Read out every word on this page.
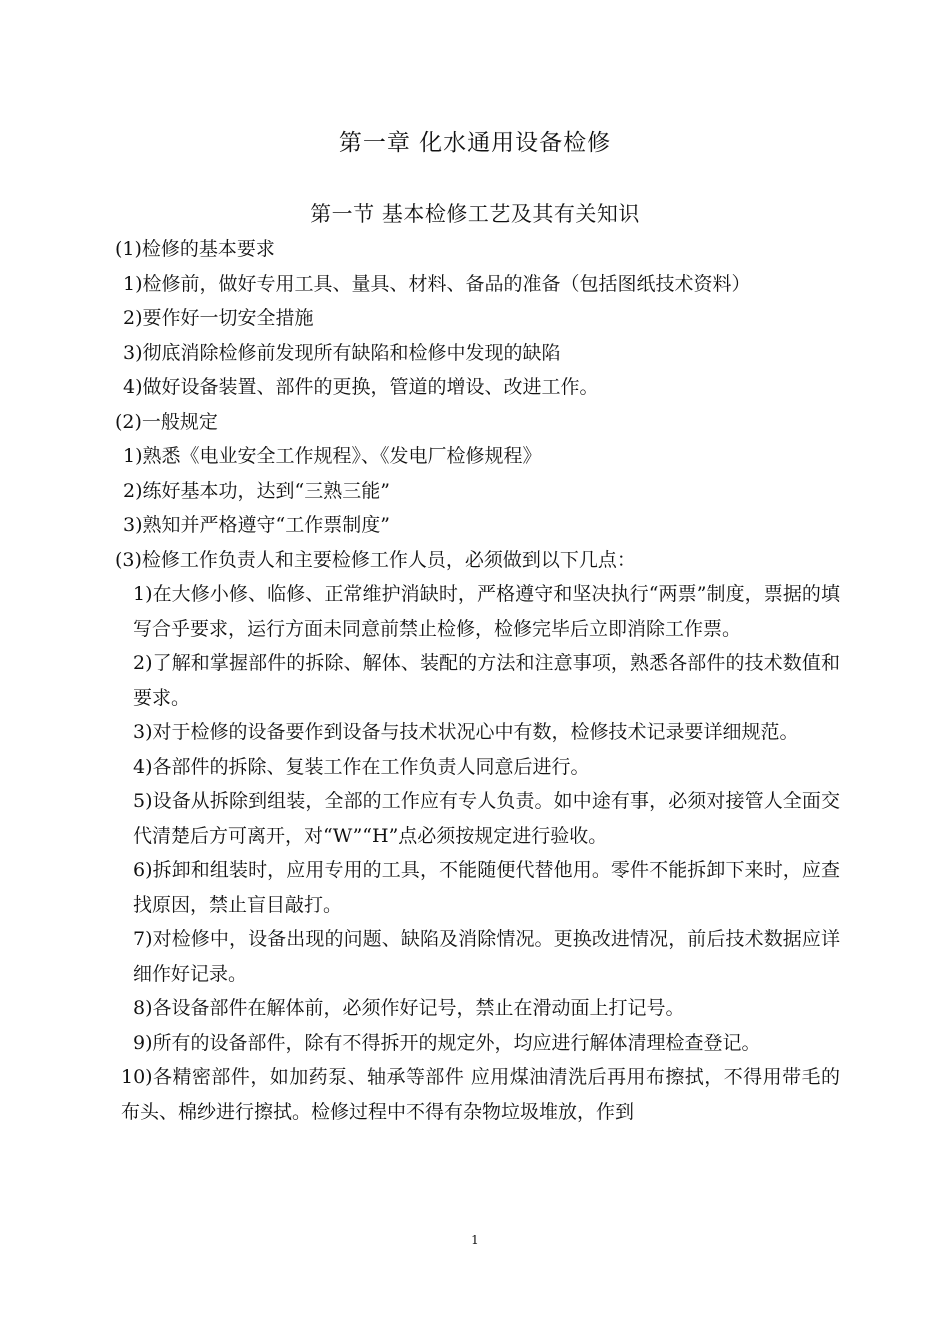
第一章 化水通用设备检修
第一节 基本检修工艺及其有关知识

(1)检修的基本要求

1)检修前，做好专用工具、量具、材料、备品的准备（包括图纸技术资料）

2)要作好一切安全措施

3)彻底消除检修前发现所有缺陷和检修中发现的缺陷

4)做好设备装置、部件的更换，管道的增设、改进工作。

(2)一般规定

1)熟悉《电业安全工作规程》、《发电厂检修规程》

2)练好基本功，达到“三熟三能”

3)熟知并严格遵守“工作票制度”

(3)检修工作负责人和主要检修工作人员，必须做到以下几点：

1)在大修小修、临修、正常维护消缺时，严格遵守和坚决执行“两票”制度，票据的填写合乎要求，运行方面未同意前禁止检修，检修完毕后立即消除工作票。

2)了解和掌握部件的拆除、解体、装配的方法和注意事项，熟悉各部件的技术数值和要求。

3)对于检修的设备要作到设备与技术状况心中有数，检修技术记录要详细规范。

4)各部件的拆除、复装工作在工作负责人同意后进行。

5)设备从拆除到组装，全部的工作应有专人负责。如中途有事，必须对接管人全面交代清楚后方可离开，对“W”“H”点必须按规定进行验收。

6)拆卸和组装时，应用专用的工具，不能随便代替他用。零件不能拆卸下来时，应查找原因，禁止盲目敲打。

7)对检修中，设备出现的问题、缺陷及消除情况。更换改进情况，前后技术数据应详细作好记录。

8)各设备部件在解体前，必须作好记号，禁止在滑动面上打记号。

9)所有的设备部件，除有不得拆开的规定外，均应进行解体清理检查登记。

10)各精密部件，如加药泵、轴承等部件 应用煤油清洗后再用布擦拭，不得用带毛的布头、棉纱进行擦拭。检修过程中不得有杂物垃圾堆放，作到

1
